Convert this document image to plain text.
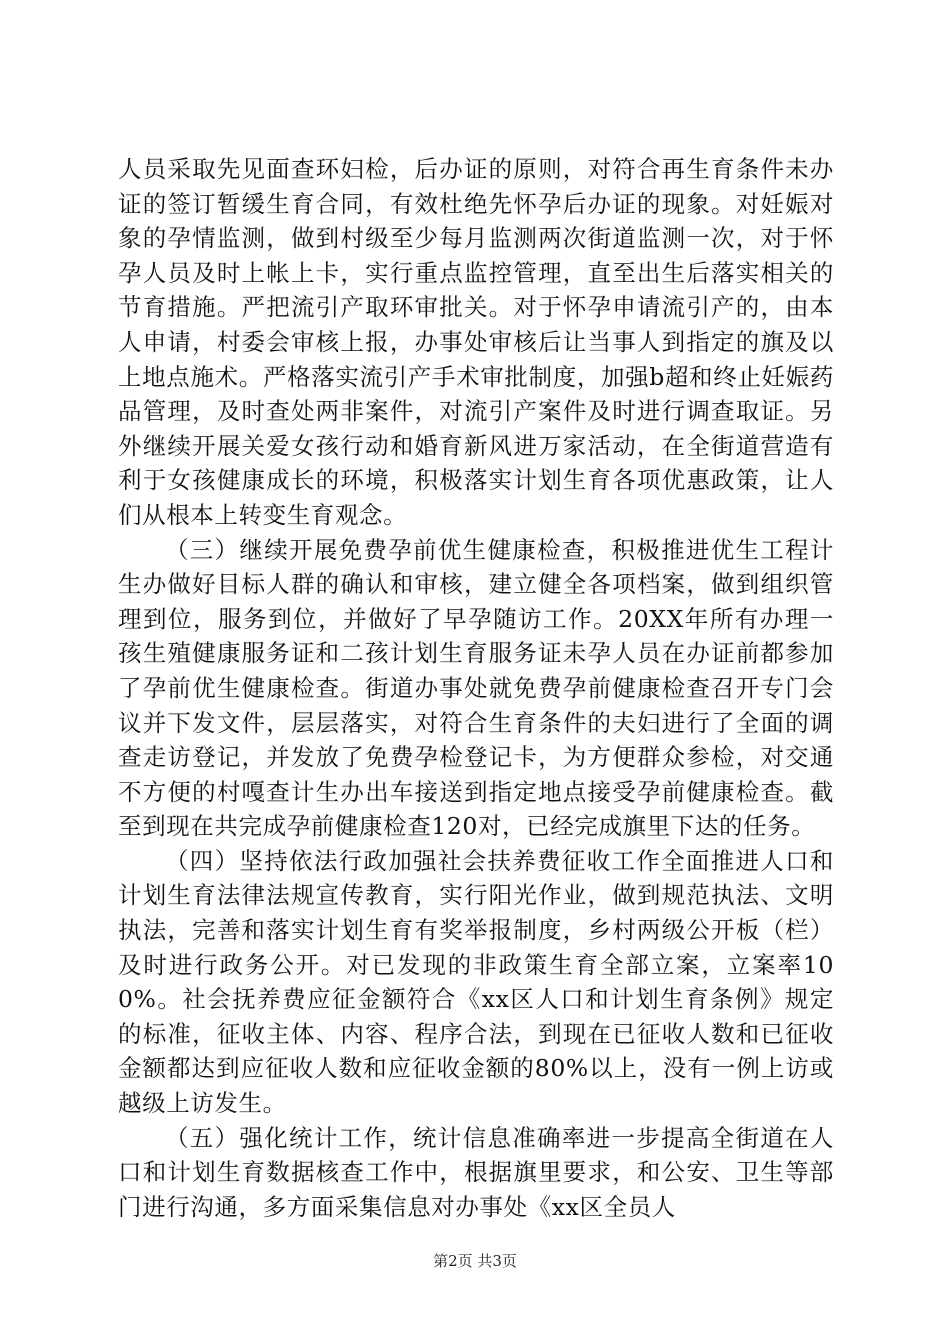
人员采取先见面查环妇检，后办证的原则，对符合再生育条件未办证的签订暂缓生育合同，有效杜绝先怀孕后办证的现象。对妊娠对象的孕情监测，做到村级至少每月监测两次街道监测一次，对于怀孕人员及时上帐上卡，实行重点监控管理，直至出生后落实相关的节育措施。严把流引产取环审批关。对于怀孕申请流引产的，由本人申请，村委会审核上报，办事处审核后让当事人到指定的旗及以上地点施术。严格落实流引产手术审批制度，加强b超和终止妊娠药品管理，及时查处两非案件，对流引产案件及时进行调查取证。另外继续开展关爱女孩行动和婚育新风进万家活动，在全街道营造有利于女孩健康成长的环境，积极落实计划生育各项优惠政策，让人们从根本上转变生育观念。

（三）继续开展免费孕前优生健康检查，积极推进优生工程计生办做好目标人群的确认和审核，建立健全各项档案，做到组织管理到位，服务到位，并做好了早孕随访工作。20XX年所有办理一孩生殖健康服务证和二孩计划生育服务证未孕人员在办证前都参加了孕前优生健康检查。街道办事处就免费孕前健康检查召开专门会议并下发文件，层层落实，对符合生育条件的夫妇进行了全面的调查走访登记，并发放了免费孕检登记卡，为方便群众参检，对交通不方便的村嘎查计生办出车接送到指定地点接受孕前健康检查。截至到现在共完成孕前健康检查120对，已经完成旗里下达的任务。

（四）坚持依法行政加强社会扶养费征收工作全面推进人口和计划生育法律法规宣传教育，实行阳光作业，做到规范执法、文明执法，完善和落实计划生育有奖举报制度，乡村两级公开板（栏）及时进行政务公开。对已发现的非政策生育全部立案，立案率100%。社会抚养费应征金额符合《xx区人口和计划生育条例》规定的标准，征收主体、内容、程序合法，到现在已征收人数和已征收金额都达到应征收人数和应征收金额的80%以上，没有一例上访或越级上访发生。

（五）强化统计工作，统计信息准确率进一步提高全街道在人口和计划生育数据核查工作中，根据旗里要求，和公安、卫生等部门进行沟通，多方面采集信息对办事处《xx区全员人

第2页 共3页
